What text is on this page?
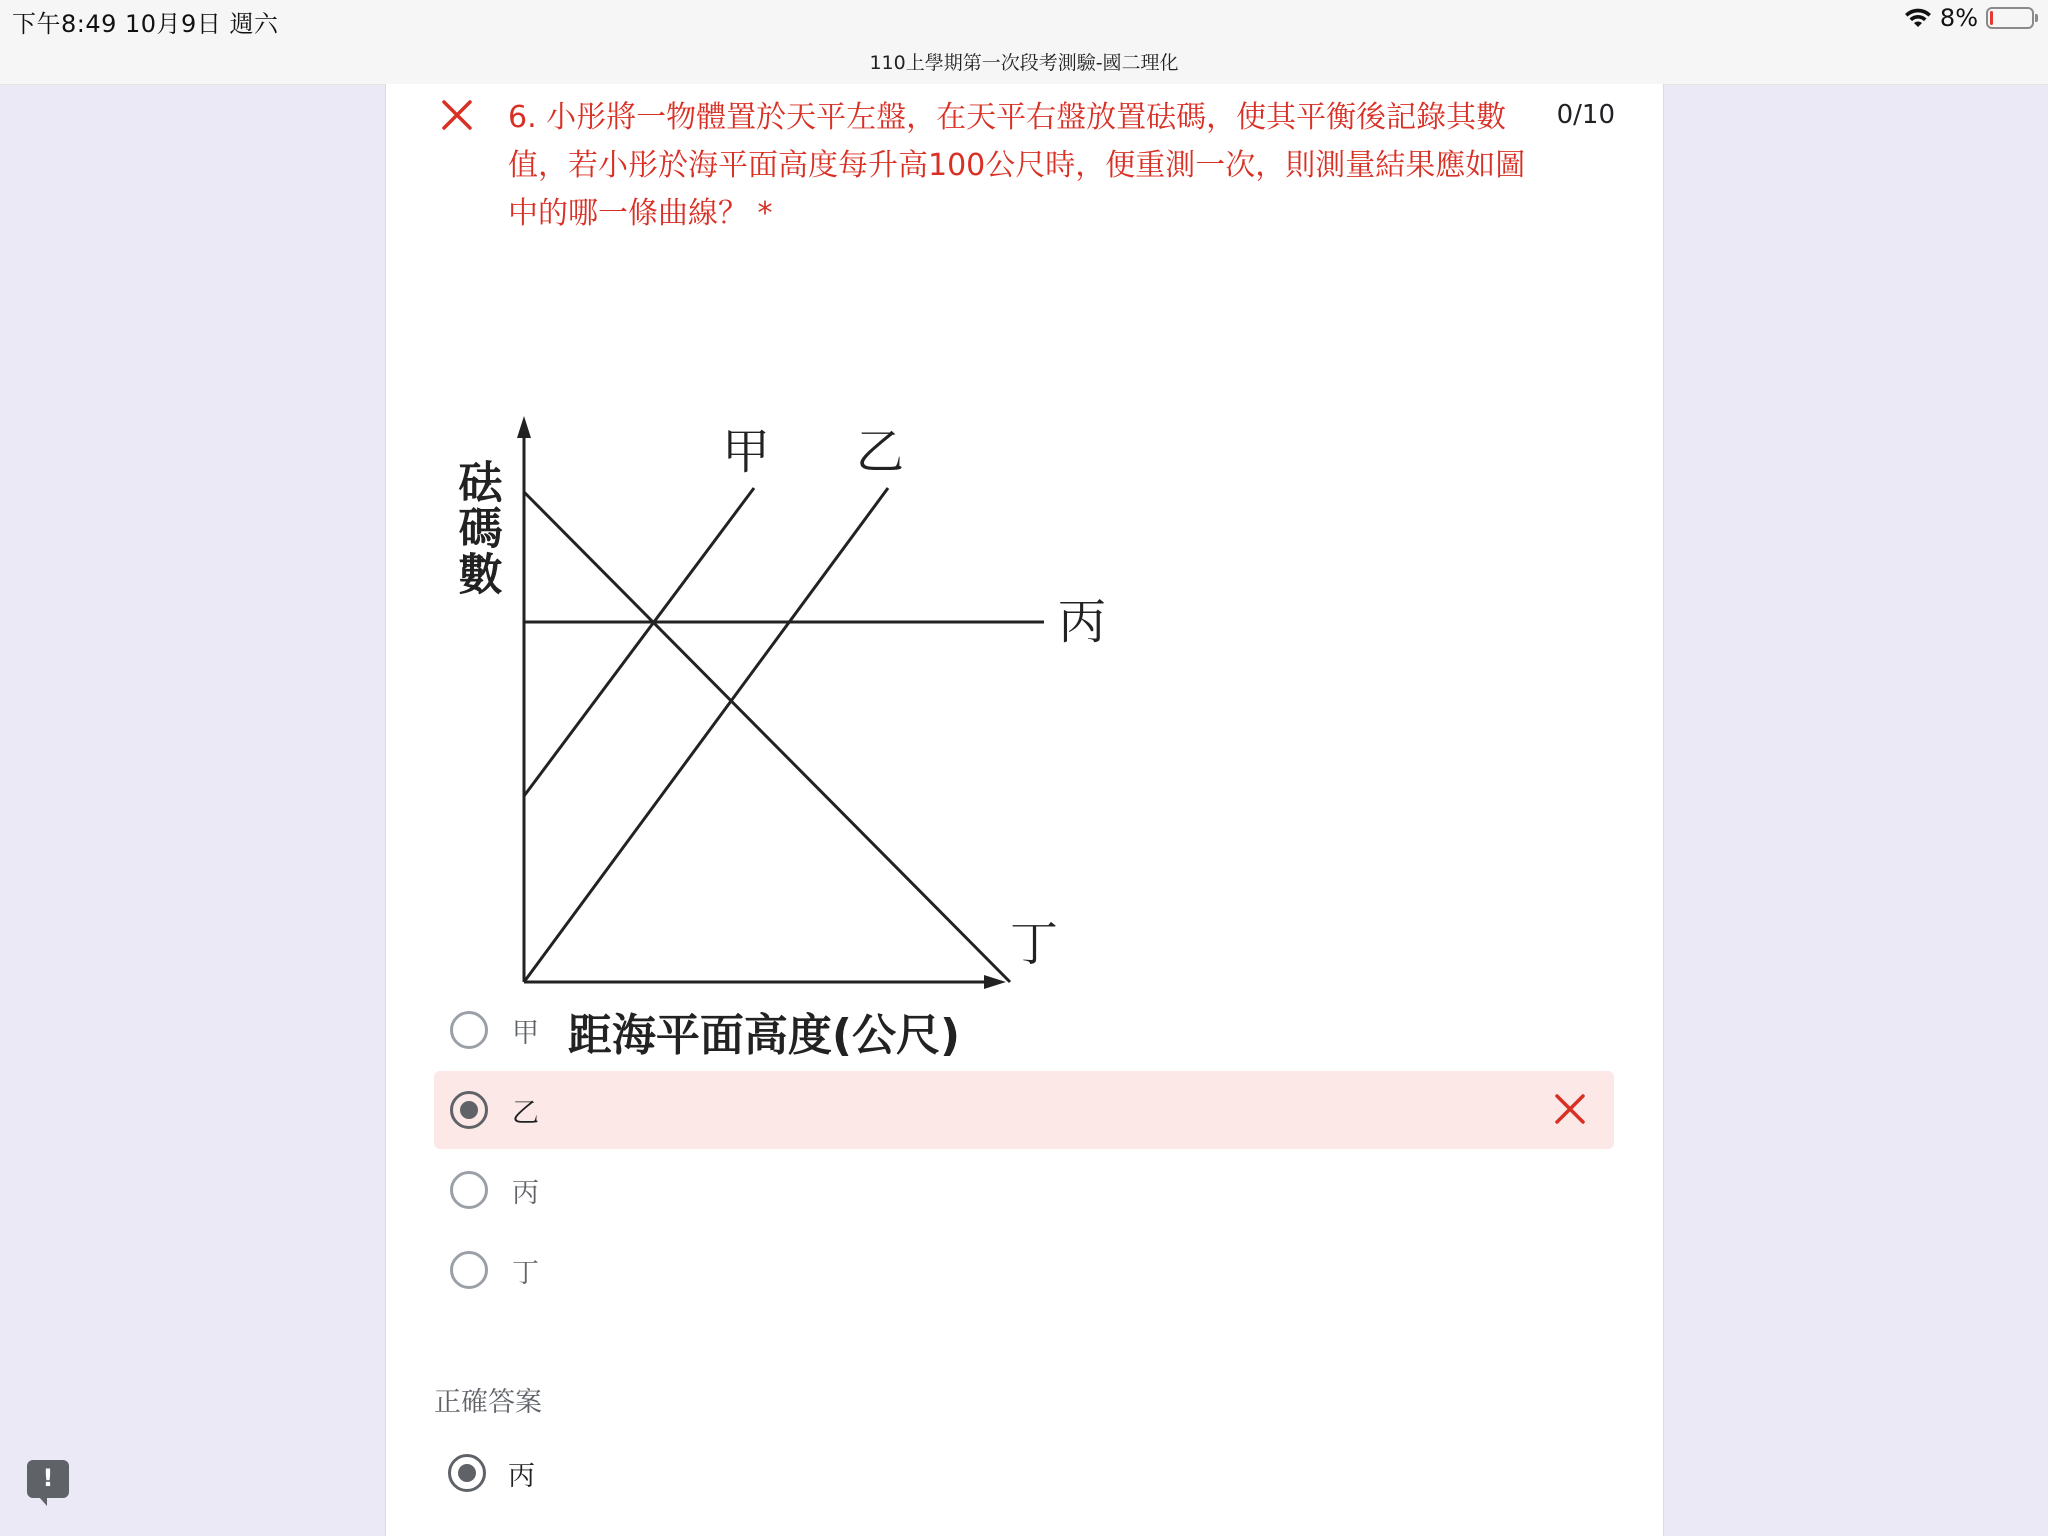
下午8:49 10月9日 週六	8%
110上學期第一次段考測驗-國二理化

6. 小彤將一物體置於天平左盤，在天平右盤放置砝碼，使其平衡後記錄其數值，若小彤於海平面高度每升高100公尺時，便重測一次，則測量結果應如圖中的哪一條曲線？ *

0/10
砝碼數
距海平面高度(公尺)
甲 乙
丙
丁
甲
乙
丙
丁
正確答案
丙
!
